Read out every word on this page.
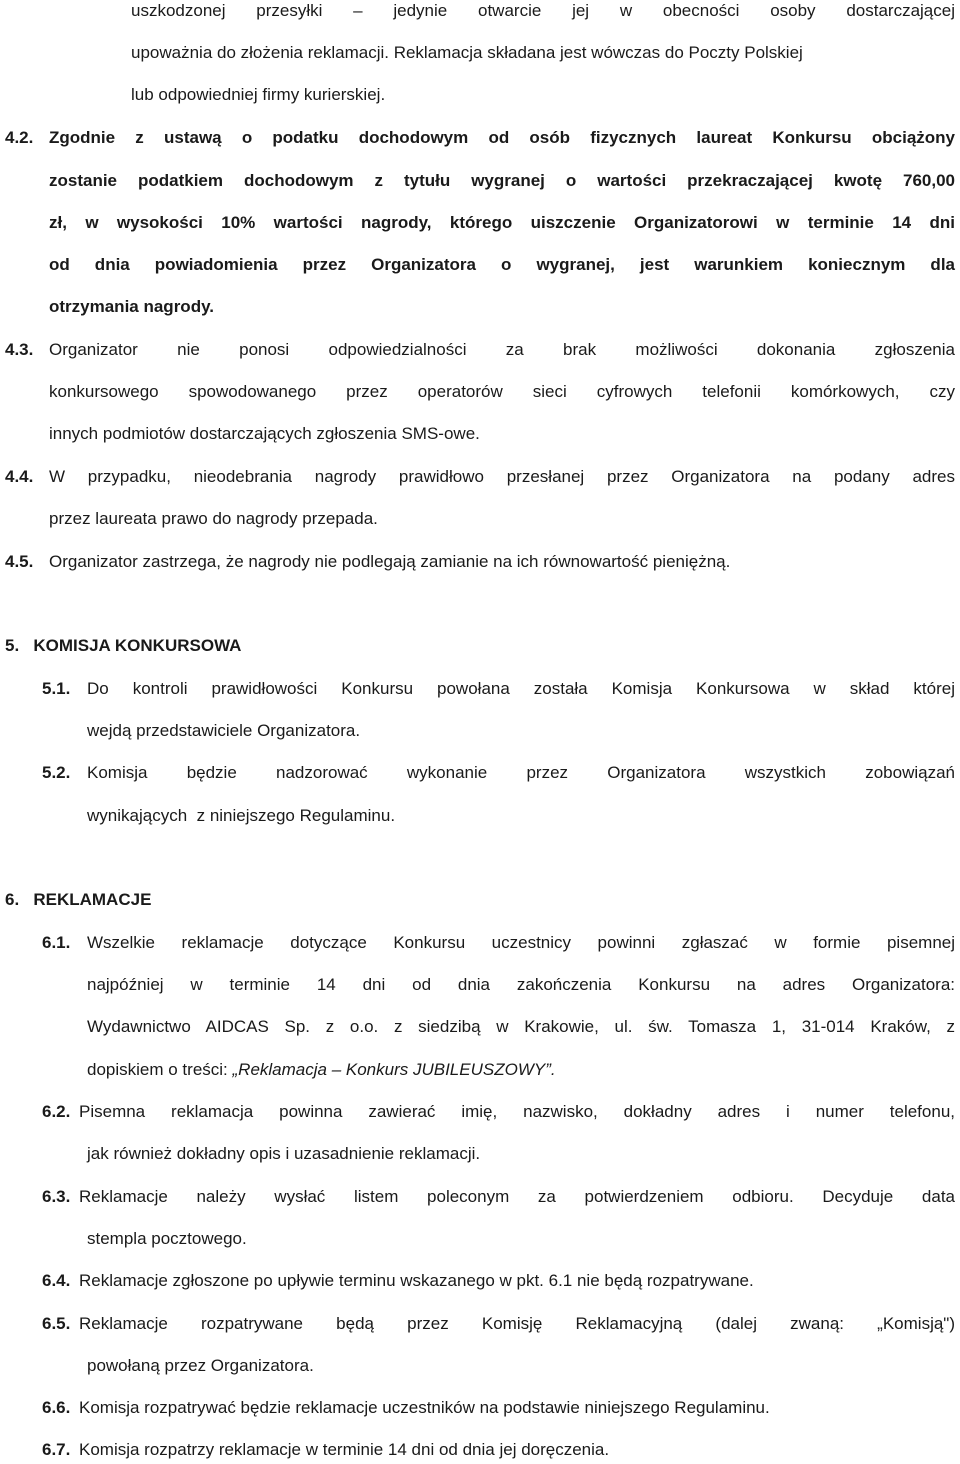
uszkodzonej przesyłki – jedynie otwarcie jej w obecności osoby dostarczającej
upoważnia do złożenia reklamacji. Reklamacja składana jest wówczas do Poczty Polskiej
lub odpowiedniej firmy kurierskiej.
4.2. Zgodnie z ustawą o podatku dochodowym od osób fizycznych laureat Konkursu obciążony
zostanie podatkiem dochodowym z tytułu wygranej o wartości przekraczającej kwotę 760,00
zł, w wysokości 10% wartości nagrody, którego uiszczenie Organizatorowi w terminie 14 dni
od dnia powiadomienia przez Organizatora o wygranej, jest warunkiem koniecznym dla
otrzymania nagrody.
4.3. Organizator nie ponosi odpowiedzialności za brak możliwości dokonania zgłoszenia
konkursowego spowodowanego przez operatorów sieci cyfrowych telefonii komórkowych, czy
innych podmiotów dostarczających zgłoszenia SMS-owe.
4.4. W przypadku, nieodebrania nagrody prawidłowo przesłanej przez Organizatora na podany adres
przez laureata prawo do nagrody przepada.
4.5. Organizator zastrzega, że nagrody nie podlegają zamianie na ich równowartość pieniężną.
5.   KOMISJA KONKURSOWA
5.1. Do kontroli prawidłowości Konkursu powołana została Komisja Konkursowa w skład której
wejdą przedstawiciele Organizatora.
5.2. Komisja będzie nadzorować wykonanie przez Organizatora wszystkich zobowiązań
wynikających  z niniejszego Regulaminu.
6.   REKLAMACJE
6.1. Wszelkie reklamacje dotyczące Konkursu uczestnicy powinni zgłaszać w formie pisemnej
najpóźniej w terminie 14 dni od dnia zakończenia Konkursu na adres Organizatora:
Wydawnictwo AIDCAS Sp. z o.o. z siedzibą w Krakowie, ul. św. Tomasza 1, 31-014 Kraków, z
dopiskiem o treści: „Reklamacja – Konkurs JUBILEUSZOWY”.
6.2. Pisemna reklamacja powinna zawierać imię, nazwisko, dokładny adres i numer telefonu,
jak również dokładny opis i uzasadnienie reklamacji.
6.3. Reklamacje należy wysłać listem poleconym za potwierdzeniem odbioru. Decyduje data
stempla pocztowego.
6.4. Reklamacje zgłoszone po upływie terminu wskazanego w pkt. 6.1 nie będą rozpatrywane.
6.5. Reklamacje rozpatrywane będą przez Komisję Reklamacyjną (dalej zwaną: „Komisją")
powołaną przez Organizatora.
6.6. Komisja rozpatrywać będzie reklamacje uczestników na podstawie niniejszego Regulaminu.
6.7. Komisja rozpatrzy reklamacje w terminie 14 dni od dnia jej doręczenia.
